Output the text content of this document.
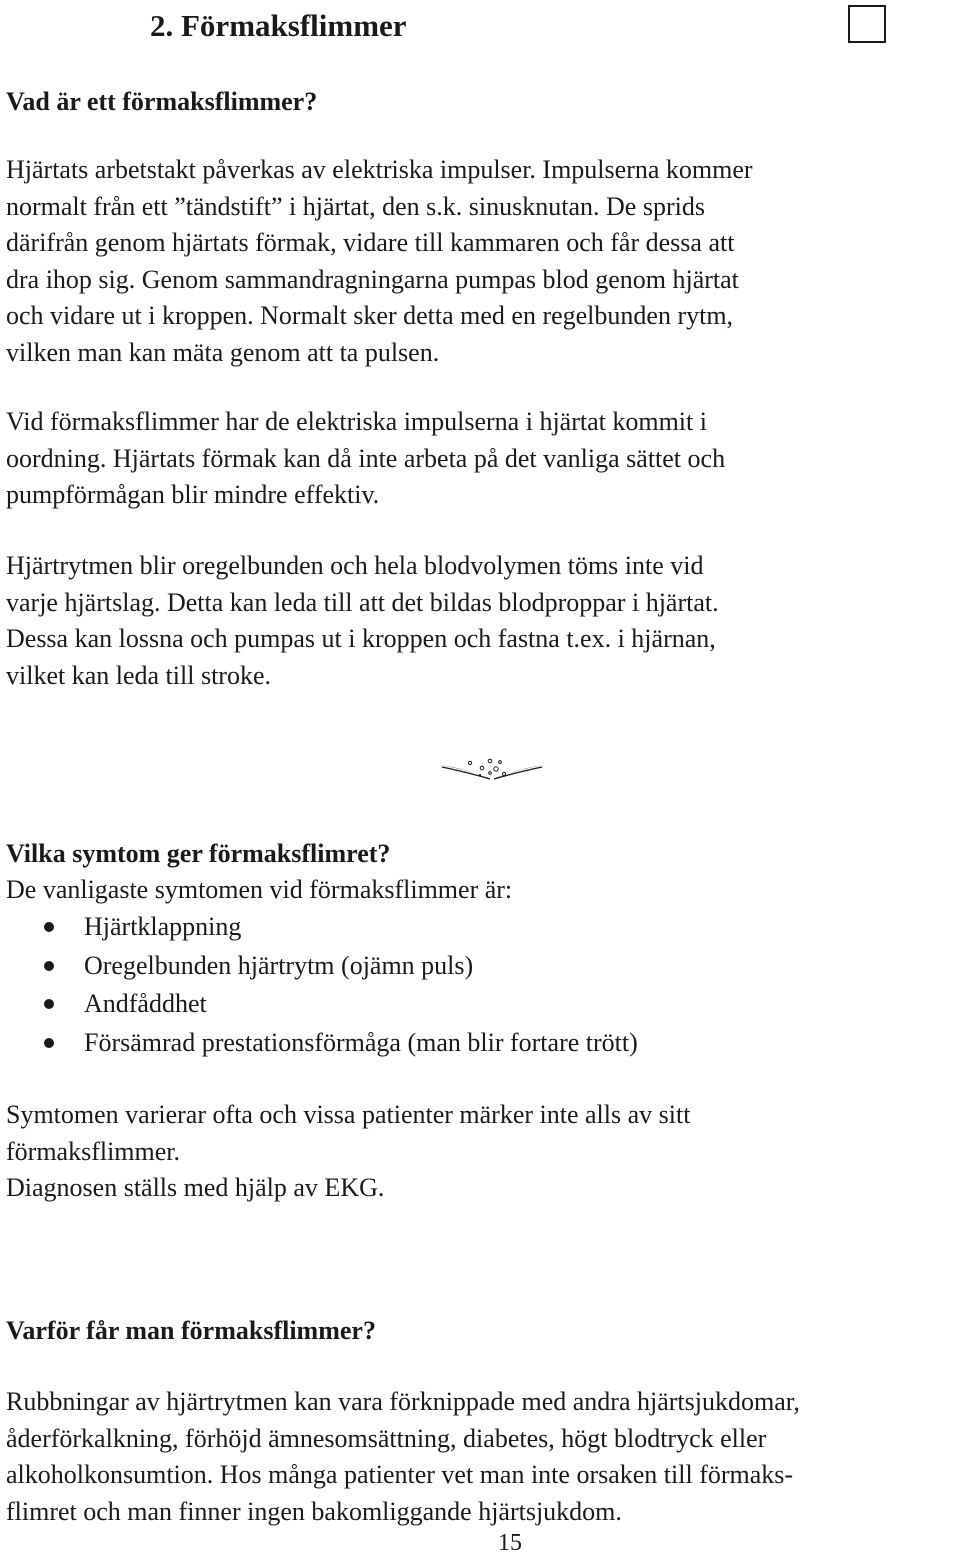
2. Förmaksflimmer
Vad är ett förmaksflimmer?
Hjärtats arbetstakt påverkas av elektriska impulser. Impulserna kommer
normalt från ett ”tändstift” i hjärtat, den s.k. sinusknutan. De sprids
därifrån genom hjärtats förmak, vidare till kammaren och får dessa att
dra ihop sig. Genom sammandragningarna pumpas blod genom hjärtat
och vidare ut i kroppen. Normalt sker detta med en regelbunden rytm,
vilken man kan mäta genom att ta pulsen.
Vid förmaksflimmer har de elektriska impulserna i hjärtat kommit i
oordning. Hjärtats förmak kan då inte arbeta på det vanliga sättet och
pumpförmågan blir mindre effektiv.
Hjärtrytmen blir oregelbunden och hela blodvolymen töms inte vid
varje hjärtslag. Detta kan leda till att det bildas blodproppar i hjärtat.
Dessa kan lossna och pumpas ut i kroppen och fastna t.ex. i hjärnan,
vilket kan leda till stroke.
Vilka symtom ger förmaksflimret?
De vanligaste symtomen vid förmaksflimmer är:
Hjärtklappning
Oregelbunden hjärtrytm (ojämn puls)
Andfåddhet
Försämrad prestationsförmåga (man blir fortare trött)
Symtomen varierar ofta och vissa patienter märker inte alls av sitt
förmaksflimmer.
Diagnosen ställs med hjälp av EKG.
Varför får man förmaksflimmer?
Rubbningar av hjärtrytmen kan vara förknippade med andra hjärtsjukdomar,
åderförkalkning, förhöjd ämnesomsättning, diabetes, högt blodtryck eller
alkoholkonsumtion. Hos många patienter vet man inte orsaken till förmaks-
flimret och man finner ingen bakomliggande hjärtsjukdom.
15
